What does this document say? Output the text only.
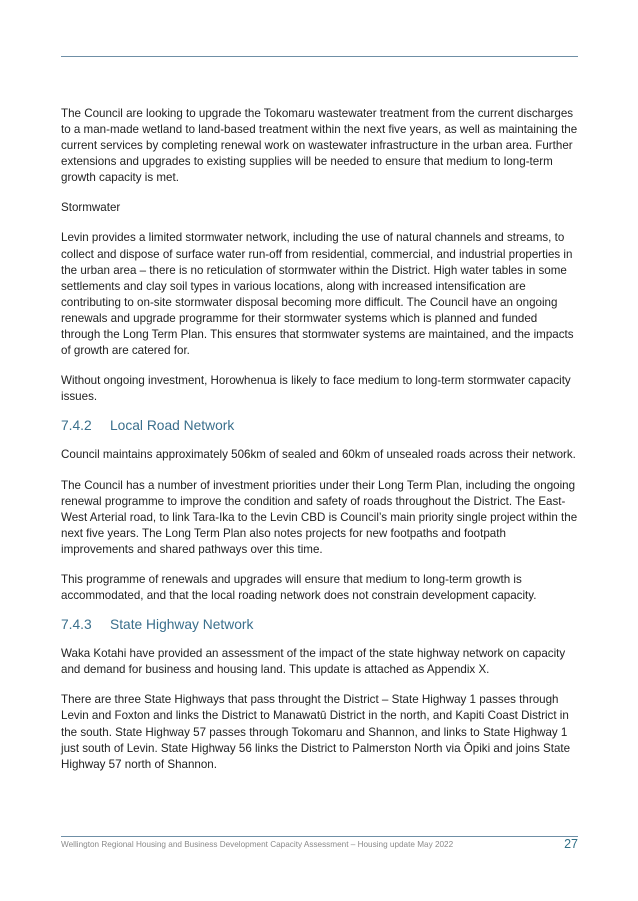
The Council are looking to upgrade the Tokomaru wastewater treatment from the current discharges to a man-made wetland to land-based treatment within the next five years, as well as maintaining the current services by completing renewal work on wastewater infrastructure in the urban area. Further extensions and upgrades to existing supplies will be needed to ensure that medium to long-term growth capacity is met.

Stormwater

Levin provides a limited stormwater network, including the use of natural channels and streams, to collect and dispose of surface water run-off from residential, commercial, and industrial properties in the urban area – there is no reticulation of stormwater within the District. High water tables in some settlements and clay soil types in various locations, along with increased intensification are contributing to on-site stormwater disposal becoming more difficult. The Council have an ongoing renewals and upgrade programme for their stormwater systems which is planned and funded through the Long Term Plan. This ensures that stormwater systems are maintained, and the impacts of growth are catered for.

Without ongoing investment, Horowhenua is likely to face medium to long-term stormwater capacity issues.

7.4.2 Local Road Network

Council maintains approximately 506km of sealed and 60km of unsealed roads across their network.

The Council has a number of investment priorities under their Long Term Plan, including the ongoing renewal programme to improve the condition and safety of roads throughout the District. The East-West Arterial road, to link Tara-Ika to the Levin CBD is Council’s main priority single project within the next five years. The Long Term Plan also notes projects for new footpaths and footpath improvements and shared pathways over this time.

This programme of renewals and upgrades will ensure that medium to long-term growth is accommodated, and that the local roading network does not constrain development capacity.

7.4.3 State Highway Network

Waka Kotahi have provided an assessment of the impact of the state highway network on capacity and demand for business and housing land. This update is attached as Appendix X.

There are three State Highways that pass throught the District – State Highway 1 passes through Levin and Foxton and links the District to Manawatū District in the north, and Kapiti Coast District in the south. State Highway 57 passes through Tokomaru and Shannon, and links to State Highway 1 just south of Levin. State Highway 56 links the District to Palmerston North via Ōpiki and joins State Highway 57 north of Shannon.

Wellington Regional Housing and Business Development Capacity Assessment – Housing update May 2022	27
